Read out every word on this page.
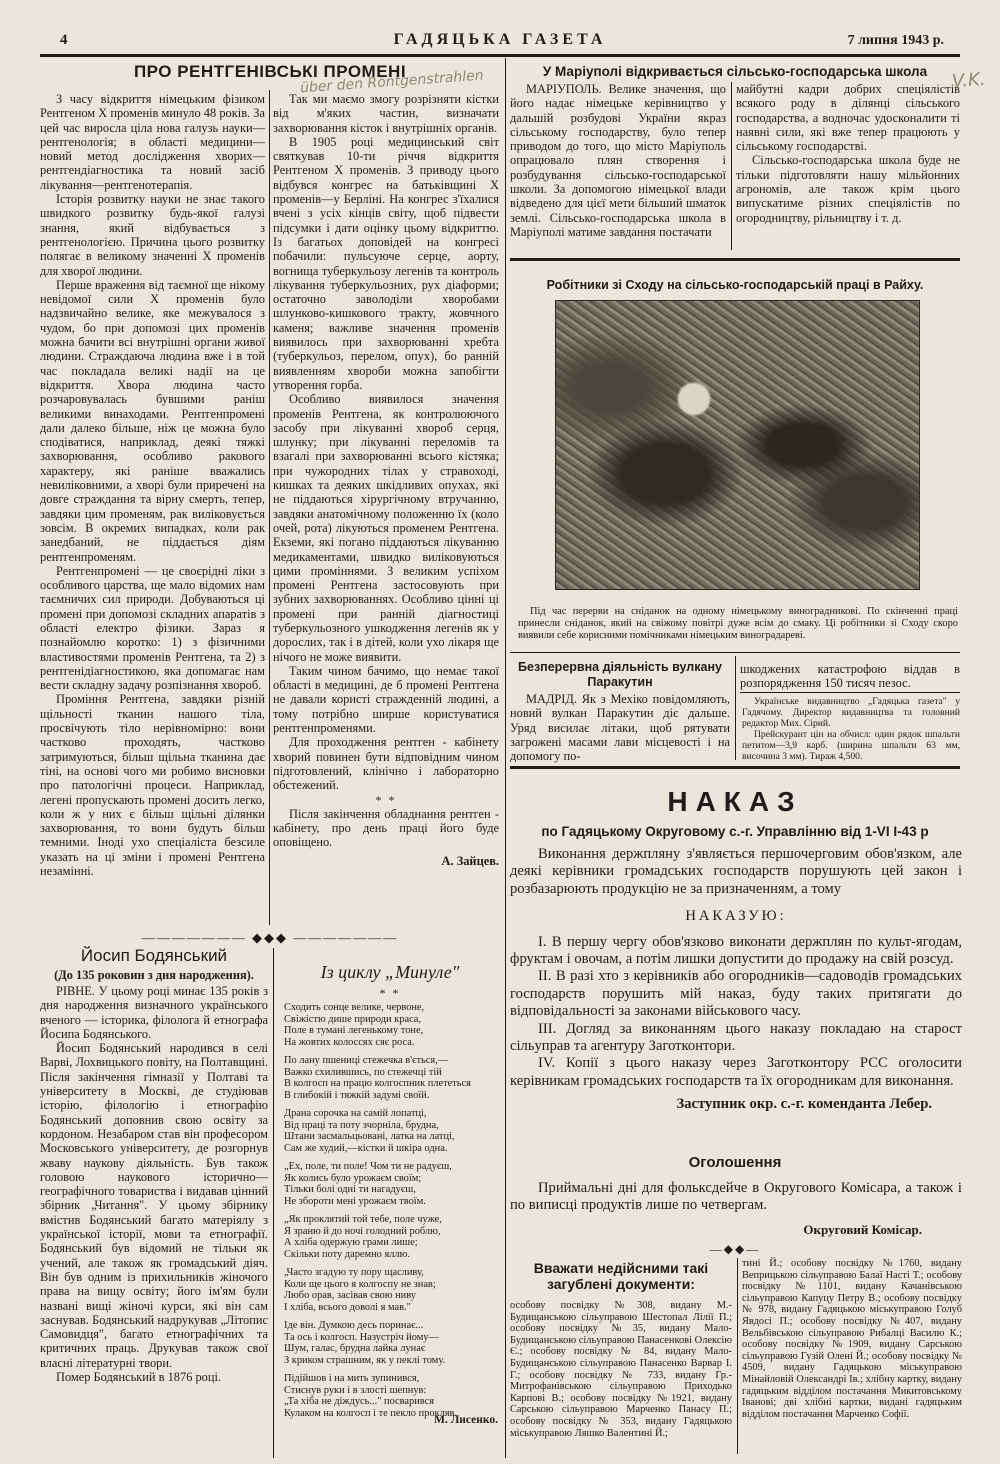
4	ГАДЯЦЬКА ГАЗЕТА	7 липня 1943 р.
über den Röntgenstrahlen	V.K.
ПРО РЕНТГЕНІВСЬКІ ПРОМЕНІ

З часу відкриття німецьким фізиком Рентгеном Х променів минуло 48 років. За цей час виросла ціла нова галузь науки—рентгенологія; в області медицини—новий метод дослідження хворих—рентгендіагностика та новий засіб лікування—рентгенотерапія.

Історія розвитку науки не знає такого швидкого розвитку будь-якої галузі знання, який відбувається з рентгенологією. Причина цього розвитку полягає в великому значенні Х променів для хворої людини.

Перше враження від таємної ще нікому невідомої сили Х променів було надзвичайно велике, яке межувалося з чудом, бо при допомозі цих променів можна бачити всі внутрішні органи живої людини. Страждаюча людина вже і в той час покладала великі надії на це відкриття. Хвора людина часто розчаровувалась бувшими раніш великими винаходами. Рентгенпромені дали далеко більше, ніж це можна було сподіватися, наприклад, деякі тяжкі захворювання, особливо ракового характеру, які раніше вважались невиліковними, а хворі були приречені на довге страждання та вірну смерть, тепер, завдяки цим променям, рак виліковується зовсім. В окремих випадках, коли рак занедбаний, не піддається діям рентгенпроменям.

Рентгенпромені — це своєрідні ліки з особливого царства, ще мало відомих нам таємничих сил природи. Добуваються ці промені при допомозі складних апаратів з області електро фізики. Зараз я познайомлю коротко: 1) з фізичними властивостями променів Рентгена, та 2) з рентгенідіагностикою, яка допомагає нам вести складну задачу розпізнання хвороб.

Проміння Рентгена, завдяки різній щільності тканин нашого тіла, просвічують тіло нерівномірно: вони частково проходять, частково затримуються, більш щільна тканина дає тіні, на основі чого ми робимо висновки про патологічні процеси. Наприклад, легені пропускають промені досить легко, коли ж у них є більш щільні ділянки захворювання, то вони будуть більш темними. Іноді ухо спеціаліста безсиле указать на ці зміни і промені Рентгена незамінні.

Так ми маємо змогу розрізняти кістки від м'яких частин, визначати захворювання кісток і внутрішніх органів.

В 1905 році медицинський світ святкував 10-ти річчя відкриття Рентгеном Х променів. З приводу цього відбувся конгрес на батьківщині Х променів—у Берліні. На конгрес з'їхалися вчені з усіх кінців світу, щоб підвести підсумки і дати оцінку цьому відкриттю. Із багатьох доповідей на конгресі побачили: пульсуюче серце, аорту, вогнища туберкульозу легенів та контроль лікування туберкульозних, рух діаформи; остаточно заволоділи хворобами шлунково-кишкового тракту, жовчного каменя; важливе значення променів виявилось при захворюванні хребта (туберкульоз, перелом, опух), бо ранній виявленням хвороби можна запобігти утворення горба.

Особливо виявилося значення променів Рентгена, як контролюючого засобу при лікуванні хвороб серця, шлунку; при лікуванні переломів та взагалі при захворюванні всього кістяка; при чужородних тілах у стравоході, кишках та деяких шкідливих опухах, які не піддаються хірургічному втручанню, завдяки анатомічному положенню їх (коло очей, рота) лікуються променем Рентгена. Екземи, які погано піддаються лікуванню медикаментами, швидко виліковуються цими проміннями. З великим успіхом промені Рентгена застосовують при зубних захворюваннях. Особливо цінні ці промені при ранній діагностиці туберкульозного ушкодження легенів як у дорослих, так і в дітей, коли ухо лікаря ще нічого не може виявити.

Таким чином бачимо, що немає такої області в медицині, де б промені Рентгена не давали користі стражденній людині, а тому потрібно ширше користуватися рентгенпроменями.

Для проходження рентген - кабінету хворий повинен бути відповідним чином підготовлений, клінічно і лабораторно обстежений.

* *

Після закінчення обладнання рентген - кабінету, про день праці його буде оповіщено.

А. Зайцев.
У Маріуполі відкривається сільсько-господарська школа

МАРІУПОЛЬ. Велике значення, що його надає німецьке керівництво у дальшій розбудові України якраз сільському господарству, було тепер приводом до того, що місто Маріуполь опрацювало плян створення і розбудування сільсько-господарської школи. За допомогою німецької влади відведено для цієї мети більший шматок землі. Сільсько-господарська школа в Маріуполі матиме завдання постачати

майбутні кадри добрих спеціялістів всякого роду в ділянці сільського господарства, а водночас удосконалити ті наявні сили, які вже тепер працюють у сільському господарстві.

Сільсько-господарська школа буде не тільки підготовляти нашу мільйонних агрономів, але також крім цього випускатиме різних спеціялістів по огородництву, рільництву і т. д.

Робітники зі Сходу на сільсько-господарській праці в Райху.

Під час перерви на сніданок на одному німецькому виноградникові. По скінченні праці принесли сніданок, який на свіжому повітрі дуже всім до смаку. Ці робітники зі Сходу скоро виявили себе корисними помічниками німецьким виноградареві.

Безперервна діяльність вулкану Паракутин

МАДРІД. Як з Мехіко повідомляють, новий вулкан Паракутин діє дальше. Уряд висилає літаки, щоб рятувати загрожені масами лави місцевості і на допомогу по-

шкоджених катастрофою віддав в розпорядження 150 тисяч пезос.

Українське видавництво „Гадяцька газета" у Гадячому. Директор видавництва та головний редактор Мих. Сірий.

Прейскурант цін на обчисл: один рядок шпальти петитом—3,9 карб. (ширина шпальти 63 мм, височина 3 мм). Тираж 4,500.

НАКАЗ
по Гадяцькому Округовому с.-г. Управлінню від 1-VI І-43 р

Виконання держпляну з'являється першочерговим обов'язком, але деякі керівники громадських господарств порушують цей закон і розбазарюють продукцію не за призначенням, а тому

НАКАЗУЮ:

І. В першу чергу обов'язково виконати держплян по культ-ягодам, фруктам і овочам, а потім лишки допустити до продажу на свій розсуд.

ІІ. В разі хто з керівників або огородників—садоводів громадських господарств порушить мій наказ, буду таких притягати до відповідальності за законами військового часу.

ІІІ. Догляд за виконанням цього наказу покладаю на старост сільуправ та агентуру Заготконтори.

ІV. Копії з цього наказу через Заготконтору РСС оголосити керівникам громадських господарств та їх огородникам для виконання.

Заступник окр. с.-г. коменданта Лебер.
Оголошення

Приймальні дні для фольксдейче в Округового Комісара, а також і по виписці продуктів лише по четвергам.

Округовий Комісар.
—◆◆—
Вважати недійсними такі
загублені документи:

особову посвідку №308, видану М.-Будищанською сільуправою Шестопал Лілії П.; особову посвідку №35, видану Мало-Будищанською сільуправою Панасенкові Олексію Є.; особову посвідку № 84, видану Мало-Будищанською сільуправою Панасенко Варвар І. Г.; особову посвідку № 733, видану Гр.-Митрофанівською сільуправою Приходько Карпові В.; особову посвідку №1921, видану Сарською сільуправою Марченко Панасу П.; особову посвідку № 353, видану Гадяцькою міськуправою Ляшко Валентині Й.;

тині Й.; особову посвідку №1760, видану Веприцькою сільуправою Балаї Насті Т.; особову посвідку №1101, видану Качанівською сільуправою Капуцу Петру В.; особову посвідку № 978, видану Гадяцькою міськуправою Голуб Явдосі П.; особову посвідку №407, видану Вельбівською сільуправою Рибалці Василю К.; особову посвідку №1909, видану Сарською сільуправою Гузій Олені Й.; особову посвідку № 4509, видану Гадяцькою міськуправою Мінайловій Олександрі Ів.; хлібну картку, видану гадяцьким відділом постачання Микитовському Іванові; дві хлібні картки, видані гадяцьким відділом постачання Марченко Софії.

——————— ◆◆◆ ———————
Йосип Бодянський
(До 135 роковин з дня народження).

РІВНЕ. У цьому році минає 135 років з дня народження визначного українського вченого — історика, філолога й етнографа Йосипа Бодянського.

Йосип Бодянський народився в селі Варві, Лохвицького повіту, на Полтавщині. Після закінчення гімназії у Полтаві та університету в Москві, де студіював історію, філологію і етнографію Бодянський доповнив свою освіту за кордоном. Незабаром став він професором Московського університету, де розгорнув жваву наукову діяльність. Був також головою наукового історично—географічного товариства і видавав цінний збірник „Читання". У цьому збірнику вмістив Бодянський багато матеріялу з української історії, мови та етнографії. Бодянський був відомий не тільки як учений, але також як громадський діяч. Він був одним із прихильників жіночого права на вищу освіту; його ім'ям були названі вищі жіночі курси, які він сам заснував. Бодянський надрукував „Літопис Самовидця", багато етнографічних та критичних праць. Друкував також свої власні літературні твори.

Помер Бодянський в 1876 році.

Із циклу „Минуле"
* *
Сходить сонце велике, червоне,
Свіжістю дише природи краса,
Поле в тумані легенькому тоне,
На жовтих колоссях сяє роса.
По лану пшениці стежечка в'ється,—
Важко схилившись, по стежечці тій
В колгосп на працю колгоспник плететься
В глибокій і тяжкій задумі своїй.
Драна сорочка на самій лопатці,
Від праці та поту зчорніла, брудна,
Штани засмальцьовані, латка на латці,
Сам же худий,—кістки й шкіра одна.
„Ех, поле, ти поле! Чом ти не радуєш,
Як колись було урожаєм своїм;
Тільки болі одні ти нагадуєш,
Не збороти мені урожаєм твоїм.
„Як проклятий той тебе, поле чуже,
Я зраню й до ночі голодний роблю,
А хліба одержую грами лише;
Скільки поту даремно яллю.
„Часто згадую ту пору щасливу,
Коли ще цього я колгоспу не знав;
Любо орав, засівав свою ниву
І хліба, всього доволі я мав."
Іде він. Думкою десь поринає...
Та ось і колгосп. Назустріч йому—
Шум, галас, брудна лайка лунає
З криком страшним, як у пеклі тому.
Підійшов і на мить зупинився,
Стиснув руки і в злості шепнув:
„Та хіба не діждусь..." посварився
Кулаком на колгосп і те пекло прокляв.
М. Лисенко.
